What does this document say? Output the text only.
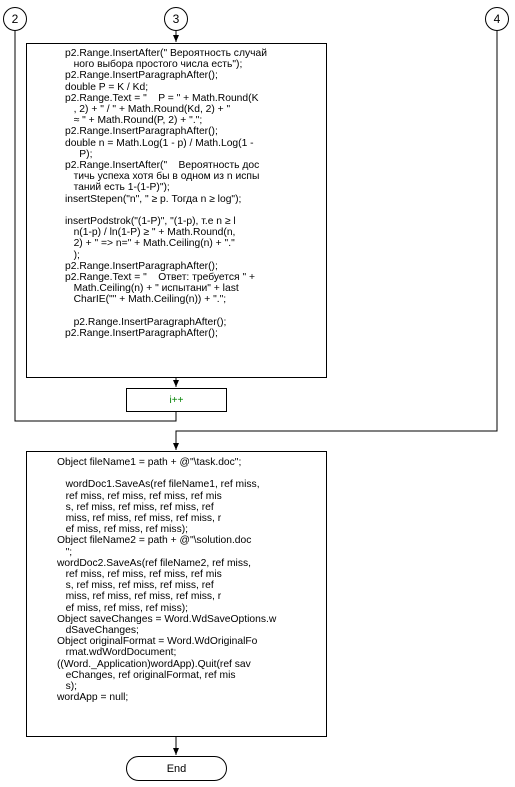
2	3	4
p2.Range.InsertAfter(" Вероятность случай
ного выбора простого числа есть");
p2.Range.InsertParagraphAfter();
double P = K / Kd;
p2.Range.Text = "    P = " + Math.Round(K
, 2) + " / " + Math.Round(Kd, 2) + "
≈ " + Math.Round(P, 2) + ".";
p2.Range.InsertParagraphAfter();
double n = Math.Log(1 - p) / Math.Log(1 -
P);
p2.Range.InsertAfter("    Вероятность дос
тичь успеха хотя бы в одном из n испы
таний есть 1-(1-P)");
insertStepen("n", " ≥ p. Тогда n ≥ log");

insertPodstrok("(1-P)", "(1-p), т.е n ≥ l
n(1-p) / ln(1-P) ≥ " + Math.Round(n,
2) + " => n=" + Math.Ceiling(n) + "."
);
p2.Range.InsertParagraphAfter();
p2.Range.Text = "    Ответ: требуется " +
Math.Ceiling(n) + " испытани" + last
CharIE("" + Math.Ceiling(n)) + ".";

p2.Range.InsertParagraphAfter();
p2.Range.InsertParagraphAfter();
i++
Object fileName1 = path + @"\task.doc";

wordDoc1.SaveAs(ref fileName1, ref miss,
ref miss, ref miss, ref miss, ref mis
s, ref miss, ref miss, ref miss, ref
miss, ref miss, ref miss, ref miss, r
ef miss, ref miss, ref miss);
Object fileName2 = path + @"\solution.doc
";
wordDoc2.SaveAs(ref fileName2, ref miss,
ref miss, ref miss, ref miss, ref mis
s, ref miss, ref miss, ref miss, ref
miss, ref miss, ref miss, ref miss, r
ef miss, ref miss, ref miss);
Object saveChanges = Word.WdSaveOptions.w
dSaveChanges;
Object originalFormat = Word.WdOriginalFo
rmat.wdWordDocument;
((Word._Application)wordApp).Quit(ref sav
eChanges, ref originalFormat, ref mis
s);
wordApp = null;
End
